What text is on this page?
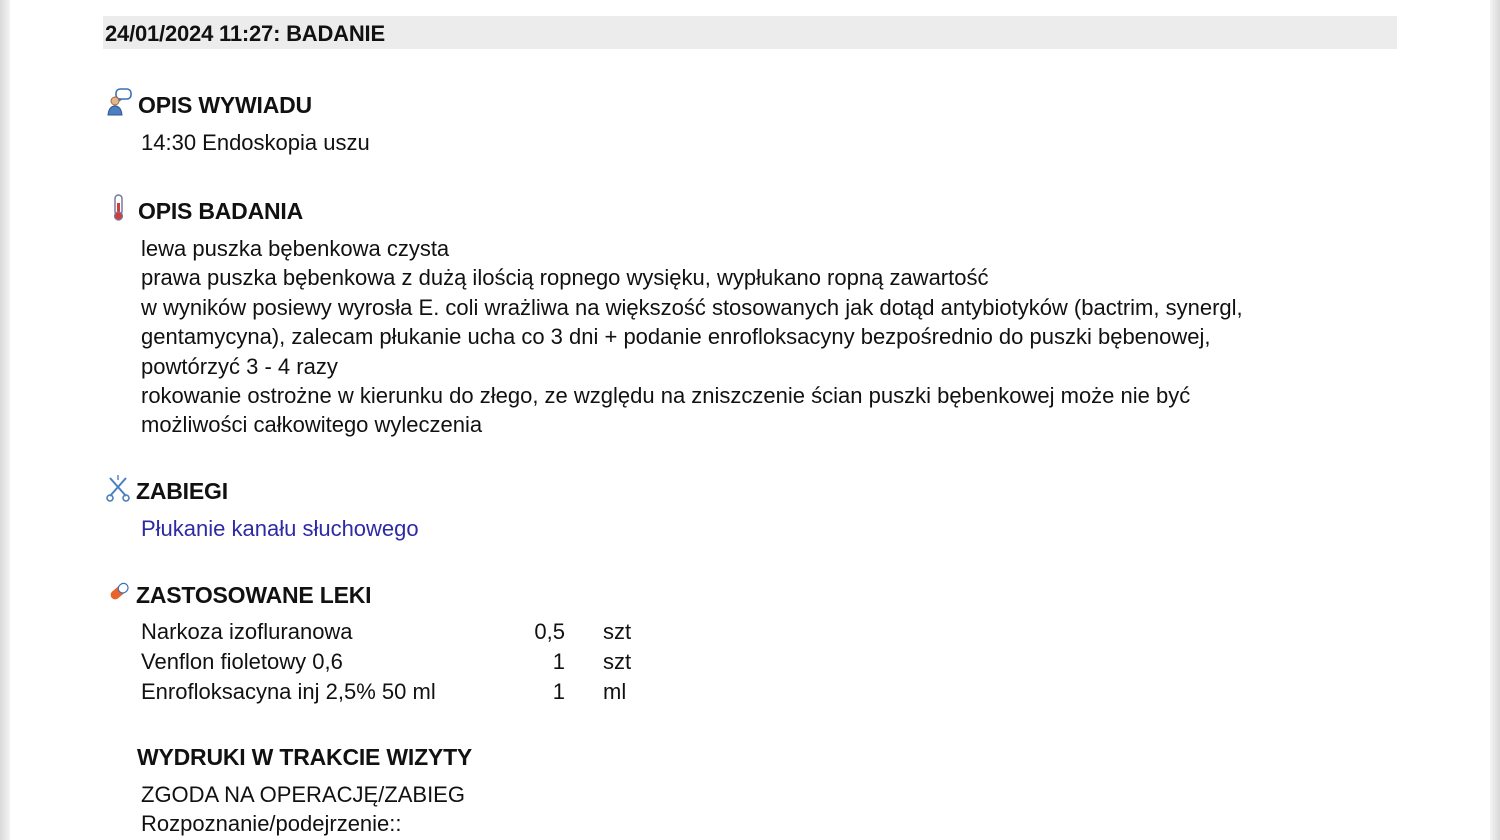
24/01/2024 11:27: BADANIE
OPIS WYWIADU
14:30 Endoskopia uszu
OPIS BADANIA
lewa puszka bębenkowa czysta
prawa puszka bębenkowa z dużą ilością ropnego wysięku, wypłukano ropną zawartość
w wyników posiewy wyrosła E. coli wrażliwa na większość stosowanych jak dotąd antybiotyków (bactrim, synergl,
gentamycyna), zalecam płukanie ucha co 3 dni + podanie enrofloksacyny bezpośrednio do puszki bębenowej,
powtórzyć 3 - 4 razy
rokowanie ostrożne w kierunku do złego, ze względu na zniszczenie ścian puszki bębenkowej może nie być
możliwości całkowitego wyleczenia
ZABIEGI
Płukanie kanału słuchowego
ZASTOSOWANE LEKI
Narkoza izofluranowa	0,5	szt
Venflon fioletowy 0,6	1	szt
Enrofloksacyna inj 2,5% 50 ml	1	ml
WYDRUKI W TRAKCIE WIZYTY
ZGODA NA OPERACJĘ/ZABIEG
Rozpoznanie/podejrzenie::
